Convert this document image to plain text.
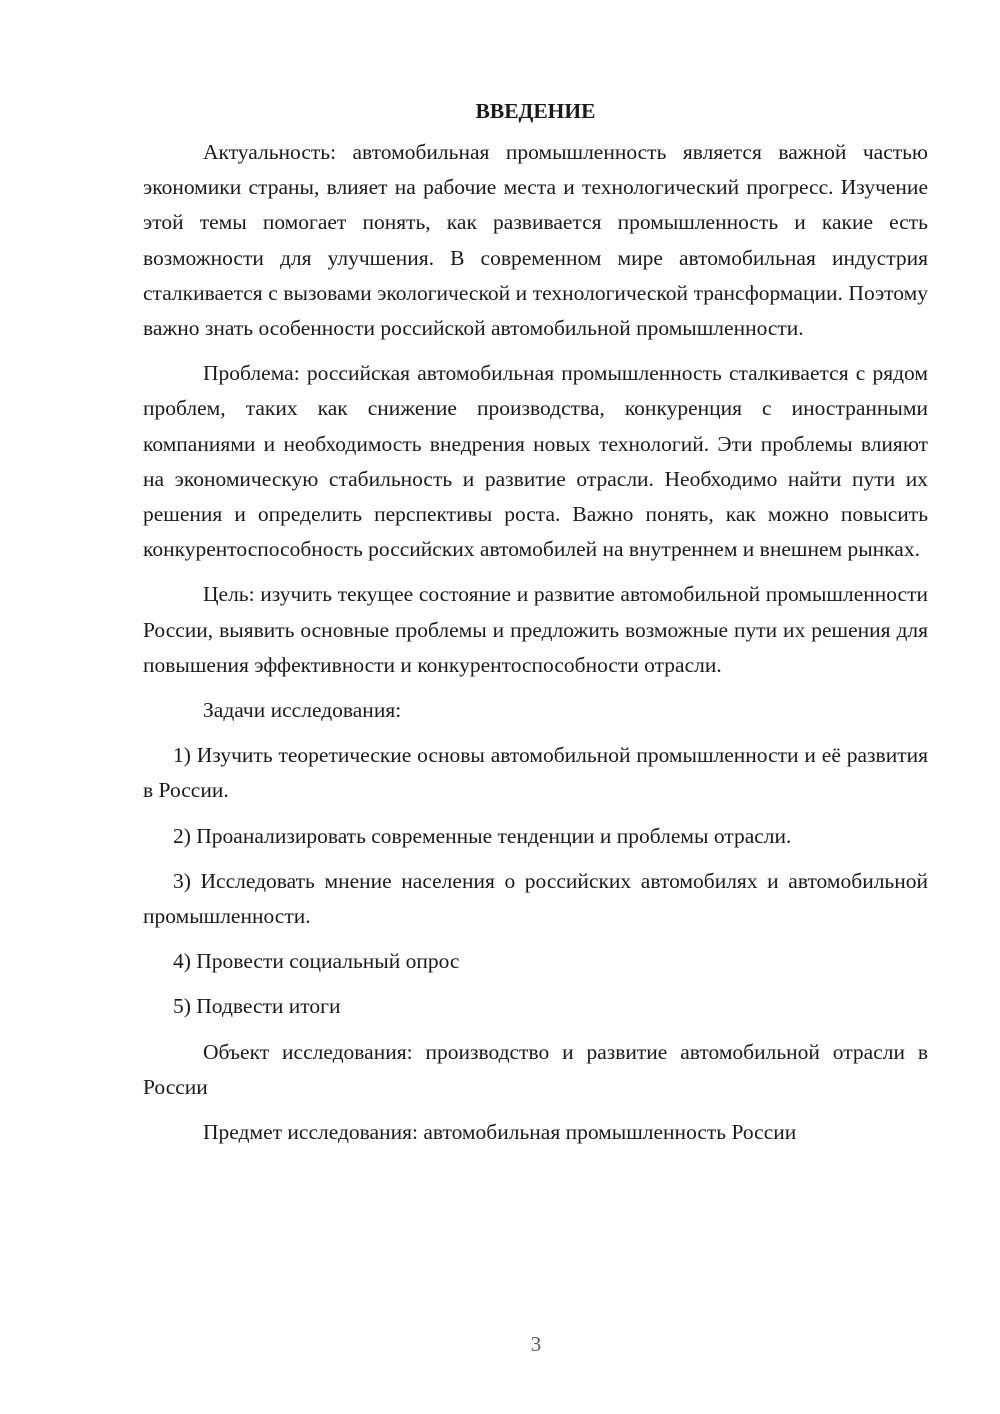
ВВЕДЕНИЕ

Актуальность: автомобильная промышленность является важной частью экономики страны, влияет на рабочие места и технологический прогресс. Изучение этой темы помогает понять, как развивается промышленность и какие есть возможности для улучшения. В современном мире автомобильная индустрия сталкивается с вызовами экологической и технологической трансформации. Поэтому важно знать особенности российской автомобильной промышленности.

Проблема: российская автомобильная промышленность сталкивается с рядом проблем, таких как снижение производства, конкуренция с иностранными компаниями и необходимость внедрения новых технологий. Эти проблемы влияют на экономическую стабильность и развитие отрасли. Необходимо найти пути их решения и определить перспективы роста. Важно понять, как можно повысить конкурентоспособность российских автомобилей на внутреннем и внешнем рынках.

Цель: изучить текущее состояние и развитие автомобильной промышленности России, выявить основные проблемы и предложить возможные пути их решения для повышения эффективности и конкурентоспособности отрасли.

Задачи исследования:

1) Изучить теоретические основы автомобильной промышленности и её развития в России.

2) Проанализировать современные тенденции и проблемы отрасли.

3) Исследовать мнение населения о российских автомобилях и автомобильной промышленности.

4) Провести социальный опрос

5) Подвести итоги

Объект исследования: производство и развитие автомобильной отрасли в России

Предмет исследования: автомобильная промышленность России

3
